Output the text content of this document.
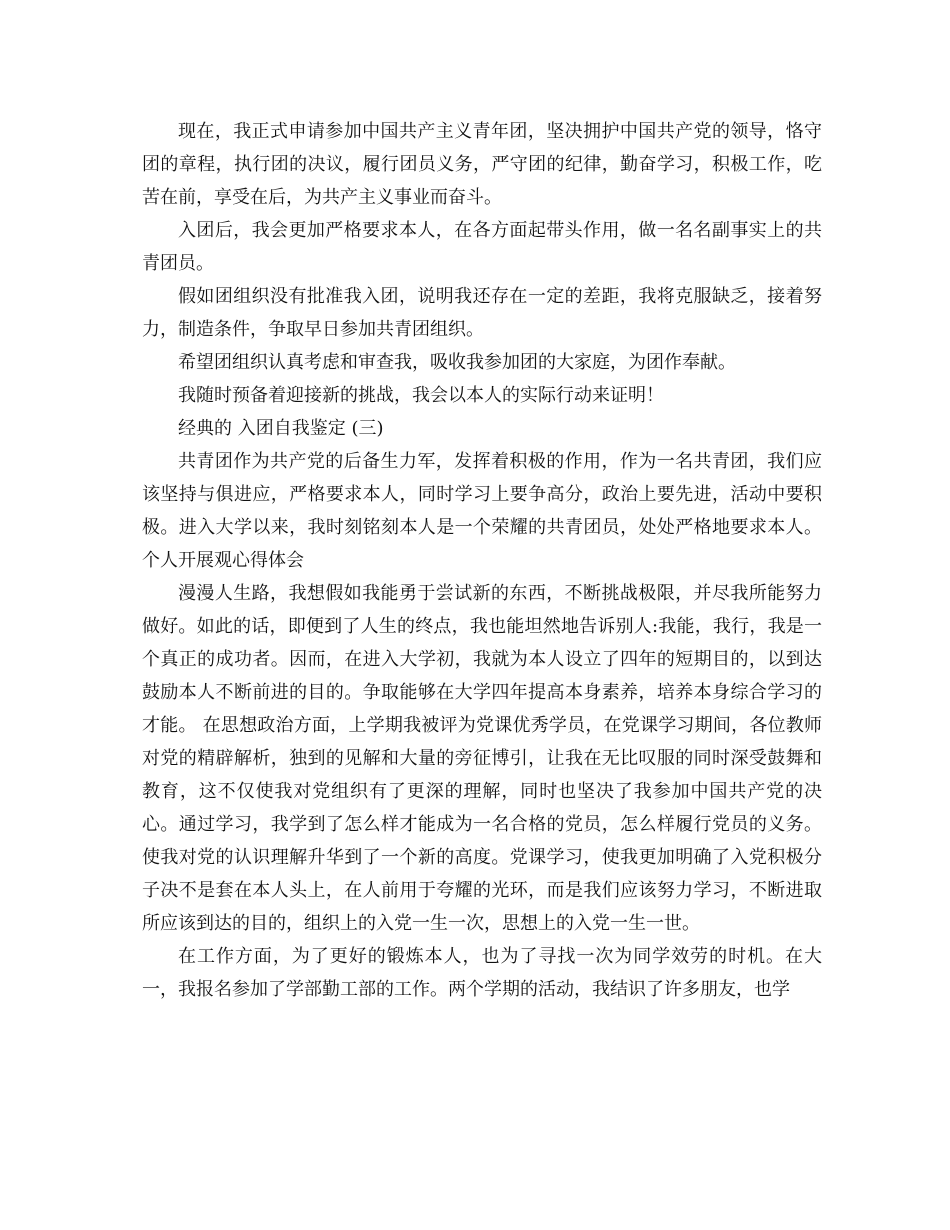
现在，我正式申请参加中国共产主义青年团，坚决拥护中国共产党的领导，恪守团的章程，执行团的决议，履行团员义务，严守团的纪律，勤奋学习，积极工作，吃苦在前，享受在后，为共产主义事业而奋斗。

入团后，我会更加严格要求本人，在各方面起带头作用，做一名名副事实上的共青团员。

假如团组织没有批准我入团，说明我还存在一定的差距，我将克服缺乏，接着努力，制造条件，争取早日参加共青团组织。

希望团组织认真考虑和审查我，吸收我参加团的大家庭，为团作奉献。

我随时预备着迎接新的挑战，我会以本人的实际行动来证明！

经典的 入团自我鉴定 (三)

共青团作为共产党的后备生力军，发挥着积极的作用，作为一名共青团，我们应该坚持与俱进应，严格要求本人，同时学习上要争高分，政治上要先进，活动中要积极。进入大学以来，我时刻铭刻本人是一个荣耀的共青团员，处处严格地要求本人。个人开展观心得体会

漫漫人生路，我想假如我能勇于尝试新的东西，不断挑战极限，并尽我所能努力做好。如此的话，即便到了人生的终点，我也能坦然地告诉别人:我能，我行，我是一个真正的成功者。因而，在进入大学初，我就为本人设立了四年的短期目的，以到达鼓励本人不断前进的目的。争取能够在大学四年提高本身素养，培养本身综合学习的才能。 在思想政治方面，上学期我被评为党课优秀学员，在党课学习期间，各位教师对党的精辟解析，独到的见解和大量的旁征博引，让我在无比叹服的同时深受鼓舞和教育，这不仅使我对党组织有了更深的理解，同时也坚决了我参加中国共产党的决心。通过学习，我学到了怎么样才能成为一名合格的党员，怎么样履行党员的义务。使我对党的认识理解升华到了一个新的高度。党课学习，使我更加明确了入党积极分子决不是套在本人头上，在人前用于夸耀的光环，而是我们应该努力学习，不断进取所应该到达的目的，组织上的入党一生一次，思想上的入党一生一世。

在工作方面，为了更好的锻炼本人，也为了寻找一次为同学效劳的时机。在大一，我报名参加了学部勤工部的工作。两个学期的活动，我结识了许多朋友，也学
